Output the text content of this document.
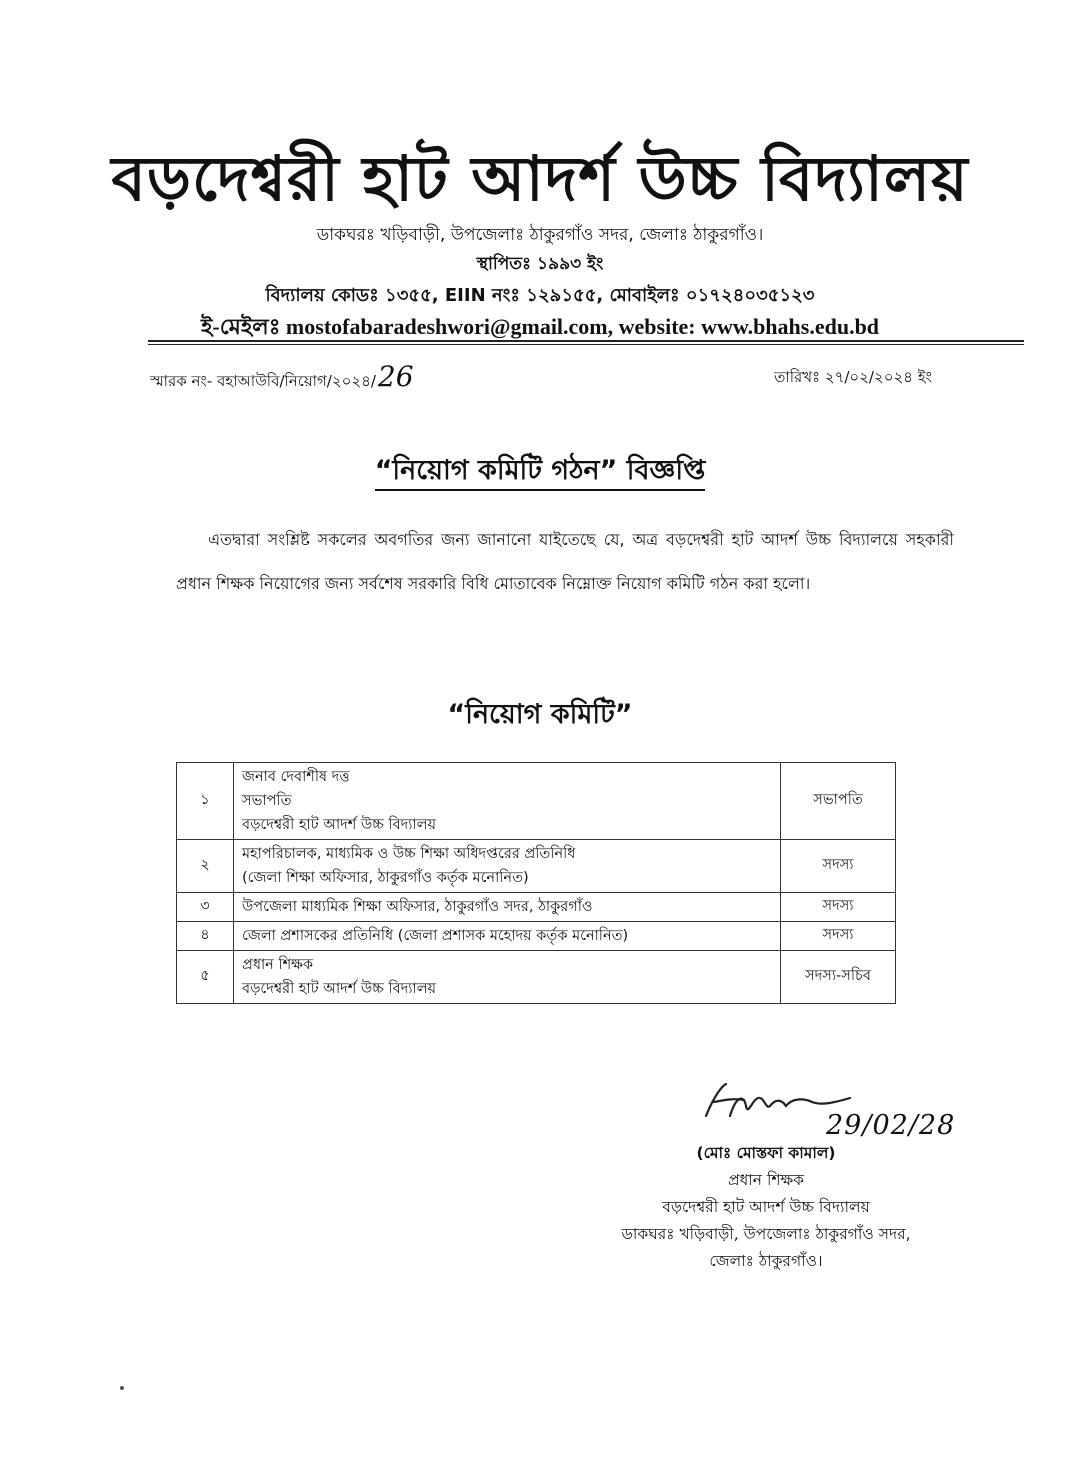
বড়দেশ্বরী হাট আদর্শ উচ্চ বিদ্যালয়
ডাকঘরঃ খড়িবাড়ী, উপজেলাঃ ঠাকুরগাঁও সদর, জেলাঃ ঠাকুরগাঁও।
স্থাপিতঃ ১৯৯৩ ইং
বিদ্যালয় কোডঃ ১৩৫৫, EIIN নংঃ ১২৯১৫৫, মোবাইলঃ ০১৭২৪০৩৫১২৩
ই-মেইলঃ mostofabaradeshwori@gmail.com, website: www.bhahs.edu.bd
স্মারক নং- বহাআউবি/নিয়োগ/২০২৪/26	তারিখঃ ২৭/০২/২০২৪ ইং
“নিয়োগ কমিটি গঠন” বিজ্ঞপ্তি
এতদ্বারা সংশ্লিষ্ট সকলের অবগতির জন্য জানানো যাইতেছে যে, অত্র বড়দেশ্বরী হাট আদর্শ উচ্চ বিদ্যালয়ে সহকারী প্রধান শিক্ষক নিয়োগের জন্য সর্বশেষ সরকারি বিধি মোতাবেক নিম্নোক্ত নিয়োগ কমিটি গঠন করা হলো।
“নিয়োগ কমিটি”
১	জনাব দেবাশীষ দত্ত
সভাপতি
বড়দেশ্বরী হাট আদর্শ উচ্চ বিদ্যালয়	সভাপতি
২	মহাপরিচালক, মাধ্যমিক ও উচ্চ শিক্ষা অধিদপ্তরের প্রতিনিধি
(জেলা শিক্ষা অফিসার, ঠাকুরগাঁও কর্তৃক মনোনিত)	সদস্য
৩	উপজেলা মাধ্যমিক শিক্ষা অফিসার, ঠাকুরগাঁও সদর, ঠাকুরগাঁও	সদস্য
৪	জেলা প্রশাসকের প্রতিনিধি (জেলা প্রশাসক মহোদয় কর্তৃক মনোনিত)	সদস্য
৫	প্রধান শিক্ষক
বড়দেশ্বরী হাট আদর্শ উচ্চ বিদ্যালয়	সদস্য-সচিব
29/02/28
(মোঃ মোস্তফা কামাল)
প্রধান শিক্ষক
বড়দেশ্বরী হাট আদর্শ উচ্চ বিদ্যালয়
ডাকঘরঃ খড়িবাড়ী, উপজেলাঃ ঠাকুরগাঁও সদর,
জেলাঃ ঠাকুরগাঁও।
